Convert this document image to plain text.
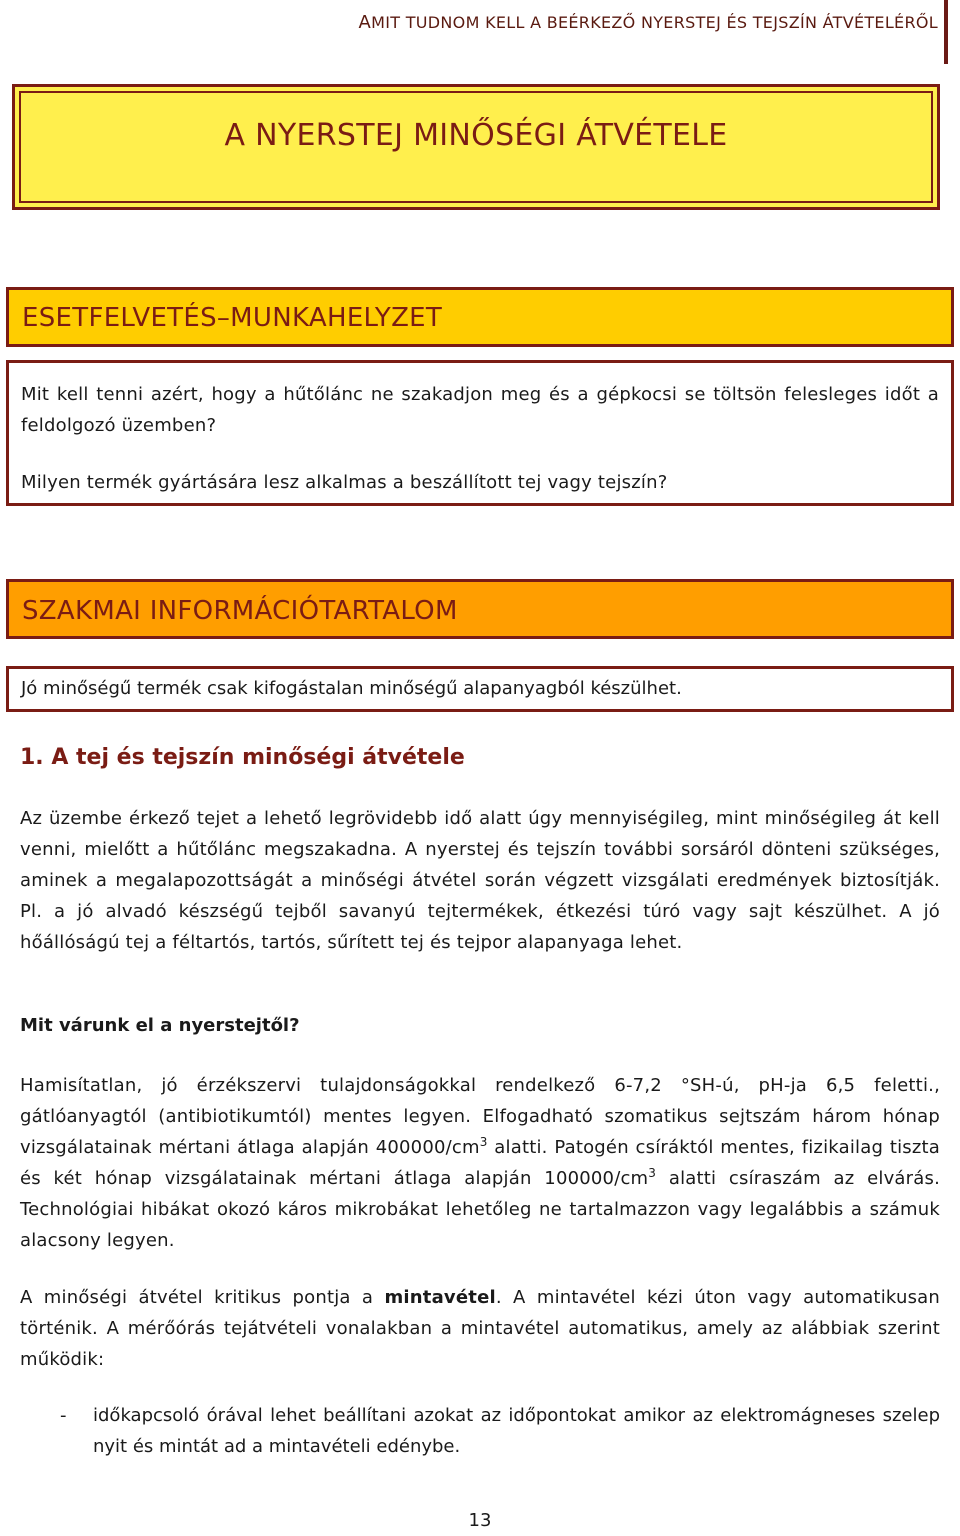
AMIT TUDNOM KELL A BEÉRKEZŐ NYERSTEJ ÉS TEJSZÍN ÁTVÉTELÉRŐL
A NYERSTEJ MINŐSÉGI ÁTVÉTELE
ESETFELVETÉS–MUNKAHELYZET

Mit kell tenni azért, hogy a hűtőlánc ne szakadjon meg és a gépkocsi se töltsön felesleges időt a feldolgozó üzemben?

Milyen termék gyártására lesz alkalmas a beszállított tej vagy tejszín?

SZAKMAI INFORMÁCIÓTARTALOM
Jó minőségű termék csak kifogástalan minőségű alapanyagból készülhet.
1. A tej és tejszín minőségi átvétele

Az üzembe érkező tejet a lehető legrövidebb idő alatt úgy mennyiségileg, mint minőségileg át kell venni, mielőtt a hűtőlánc megszakadna. A nyerstej és tejszín további sorsáról dönteni szükséges, aminek a megalapozottságát a minőségi átvétel során végzett vizsgálati eredmények biztosítják. Pl. a jó alvadó készségű tejből savanyú tejtermékek, étkezési túró vagy sajt készülhet. A jó hőállóságú tej a féltartós, tartós, sűrített tej és tejpor alapanyaga lehet.

Mit várunk el a nyerstejtől?

Hamisítatlan, jó érzékszervi tulajdonságokkal rendelkező 6-7,2 °SH-ú, pH-ja 6,5 feletti., gátlóanyagtól (antibiotikumtól) mentes legyen. Elfogadható szomatikus sejtszám három hónap vizsgálatainak mértani átlaga alapján $400000/cm^3$ alatti. Patogén csíráktól mentes, fizikailag tiszta és két hónap vizsgálatainak mértani átlaga alapján $100000/cm^3$ alatti csíraszám az elvárás. Technológiai hibákat okozó káros mikrobákat lehetőleg ne tartalmazzon vagy legalábbis a számuk alacsony legyen.

A minőségi átvétel kritikus pontja a mintavétel. A mintavétel kézi úton vagy automatikusan történik. A mérőórás tejátvételi vonalakban a mintavétel automatikus, amely az alábbiak szerint működik:

- időkapcsoló órával lehet beállítani azokat az időpontokat amikor az elektromágneses szelep nyit és mintát ad a mintavételi edénybe.
13
